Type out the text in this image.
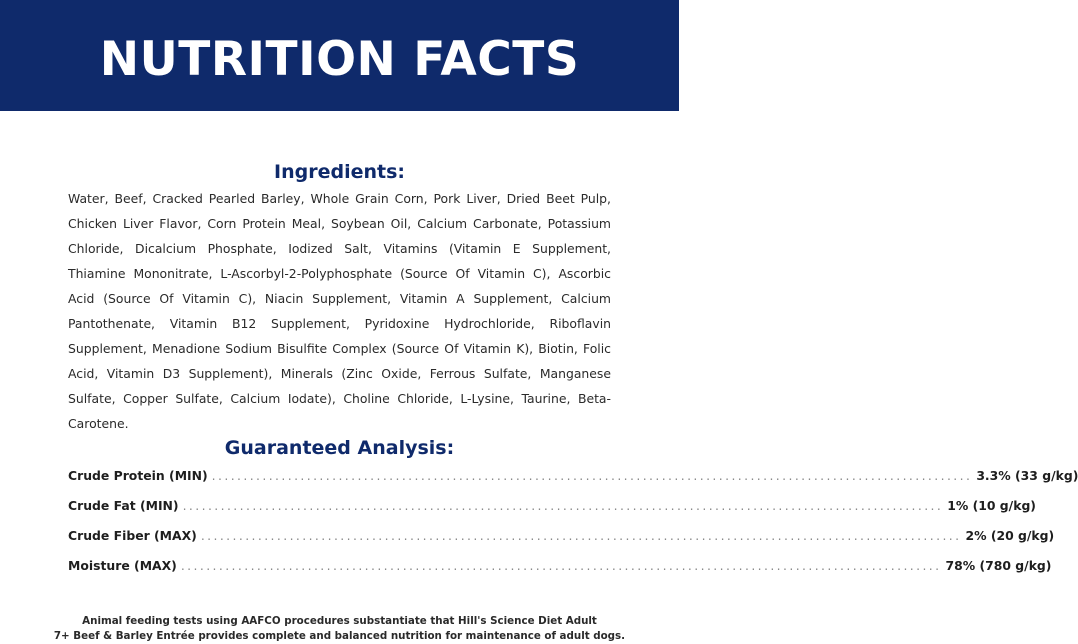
NUTRITION FACTS
Ingredients:

Water, Beef, Cracked Pearled Barley, Whole Grain Corn, Pork Liver, Dried Beet Pulp, Chicken Liver Flavor, Corn Protein Meal, Soybean Oil, Calcium Carbonate, Potassium Chloride, Dicalcium Phosphate, Iodized Salt, Vitamins (Vitamin E Supplement, Thiamine Mononitrate, L-Ascorbyl-2-Polyphosphate (Source Of Vitamin C), Ascorbic Acid (Source Of Vitamin C), Niacin Supplement, Vitamin A Supplement, Calcium Pantothenate, Vitamin B12 Supplement, Pyridoxine Hydrochloride, Riboflavin Supplement, Menadione Sodium Bisulfite Complex (Source Of Vitamin K), Biotin, Folic Acid, Vitamin D3 Supplement), Minerals (Zinc Oxide, Ferrous Sulfate, Manganese Sulfate, Copper Sulfate, Calcium Iodate), Choline Chloride, L-Lysine, Taurine, Beta-Carotene.

Guaranteed Analysis:
Crude Protein (MIN) ........................................................................................................................ 3.3% (33 g/kg)
Crude Fat (MIN) ........................................................................................................................ 1% (10 g/kg)
Crude Fiber (MAX) ........................................................................................................................ 2% (20 g/kg)
Moisture (MAX) ........................................................................................................................ 78% (780 g/kg)
Animal feeding tests using AAFCO procedures substantiate that Hill's Science Diet Adult
7+ Beef & Barley Entrée provides complete and balanced nutrition for maintenance of adult dogs.
